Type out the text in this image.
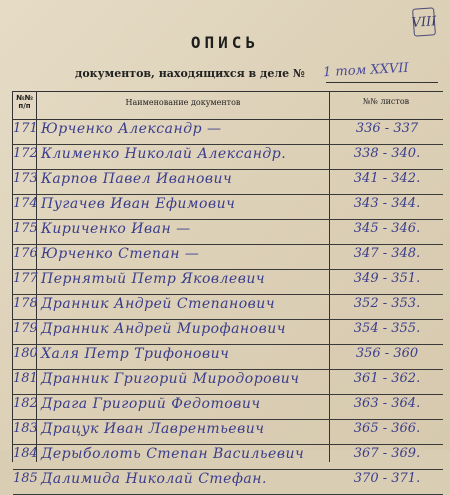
VIII
ОПИСЬ
документов, находящихся в деле № 1 том XXVII
№№ п/п	Наименование документов	№№ листов
171 Юрченко Александр —	336 - 337
172 Клименко Николай Александр.	338 - 340.
173 Карпов Павел Иванович	341 - 342.
174 Пугачев Иван Ефимович	343 - 344.
175 Кириченко Иван —	345 - 346.
176 Юрченко Степан —	347 - 348.
177 Пернятый Петр Яковлевич	349 - 351.
178 Дранник Андрей Степанович	352 - 353.
179 Дранник Андрей Мирофанович	354 - 355.
180 Халя Петр Трифонович	356 - 360
181 Дранник Григорий Миродорович	361 - 362.
182 Драга Григорий Федотович	363 - 364.
183 Драцук Иван Лаврентьевич	365 - 366.
184 Дерыболоть Степан Васильевич	367 - 369.
185 Далимида Николай Стефан.	370 - 371.
